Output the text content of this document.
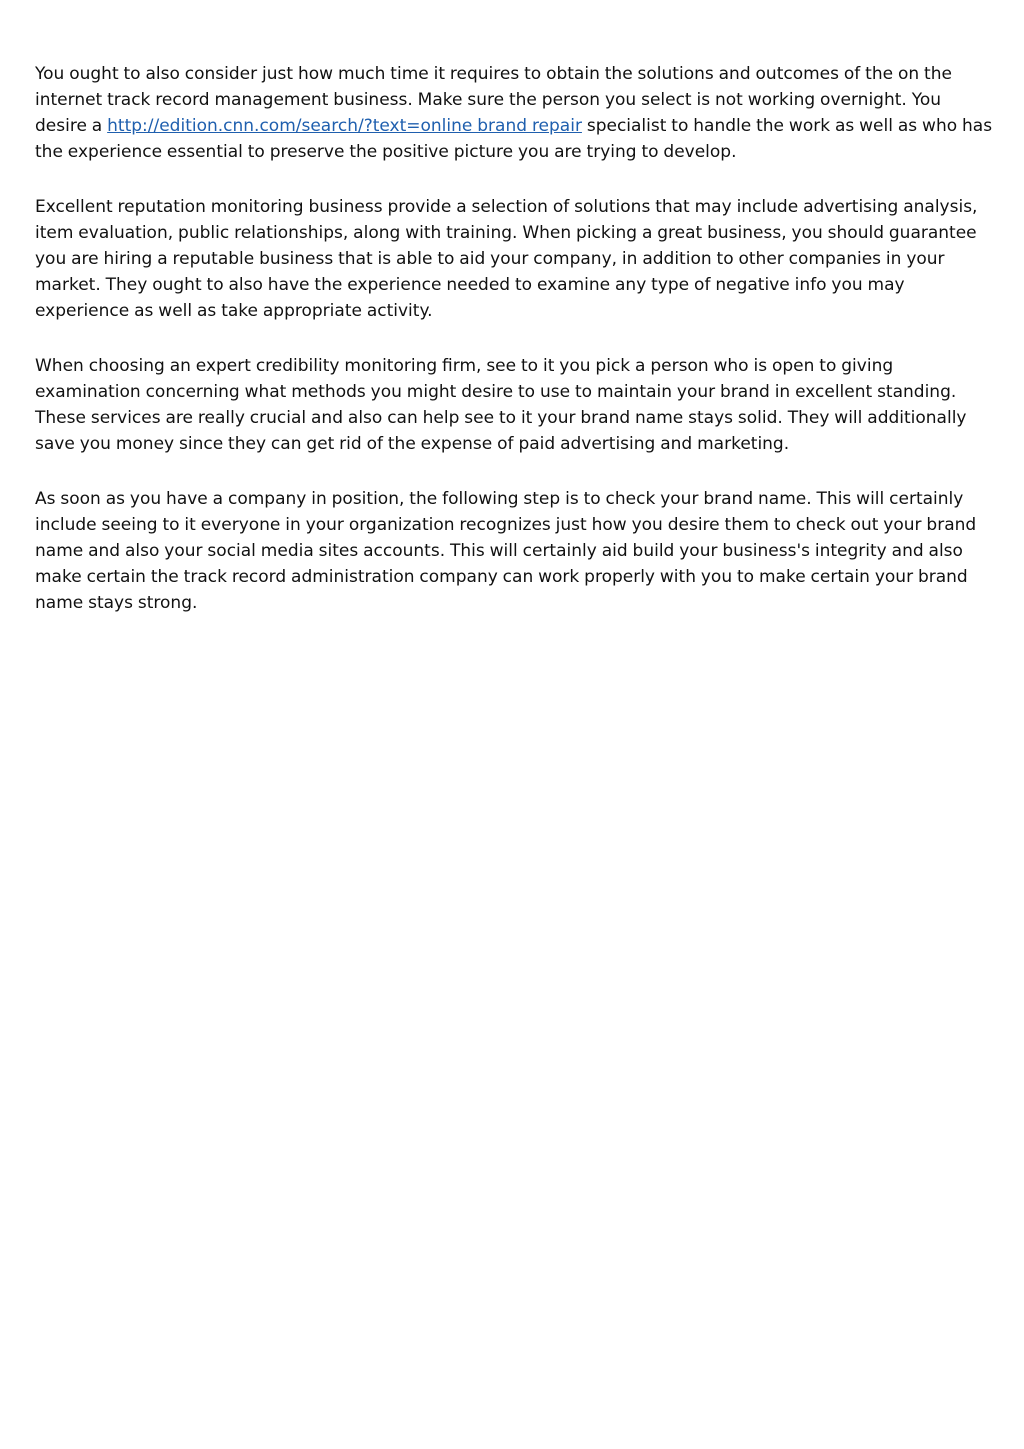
You ought to also consider just how much time it requires to obtain the solutions and outcomes of the on the internet track record management business. Make sure the person you select is not working overnight. You desire a http://edition.cnn.com/search/?text=online brand repair specialist to handle the work as well as who has the experience essential to preserve the positive picture you are trying to develop.

Excellent reputation monitoring business provide a selection of solutions that may include advertising analysis, item evaluation, public relationships, along with training. When picking a great business, you should guarantee you are hiring a reputable business that is able to aid your company, in addition to other companies in your market. They ought to also have the experience needed to examine any type of negative info you may experience as well as take appropriate activity.

When choosing an expert credibility monitoring firm, see to it you pick a person who is open to giving examination concerning what methods you might desire to use to maintain your brand in excellent standing. These services are really crucial and also can help see to it your brand name stays solid. They will additionally save you money since they can get rid of the expense of paid advertising and marketing.

As soon as you have a company in position, the following step is to check your brand name. This will certainly include seeing to it everyone in your organization recognizes just how you desire them to check out your brand name and also your social media sites accounts. This will certainly aid build your business's integrity and also make certain the track record administration company can work properly with you to make certain your brand name stays strong.
